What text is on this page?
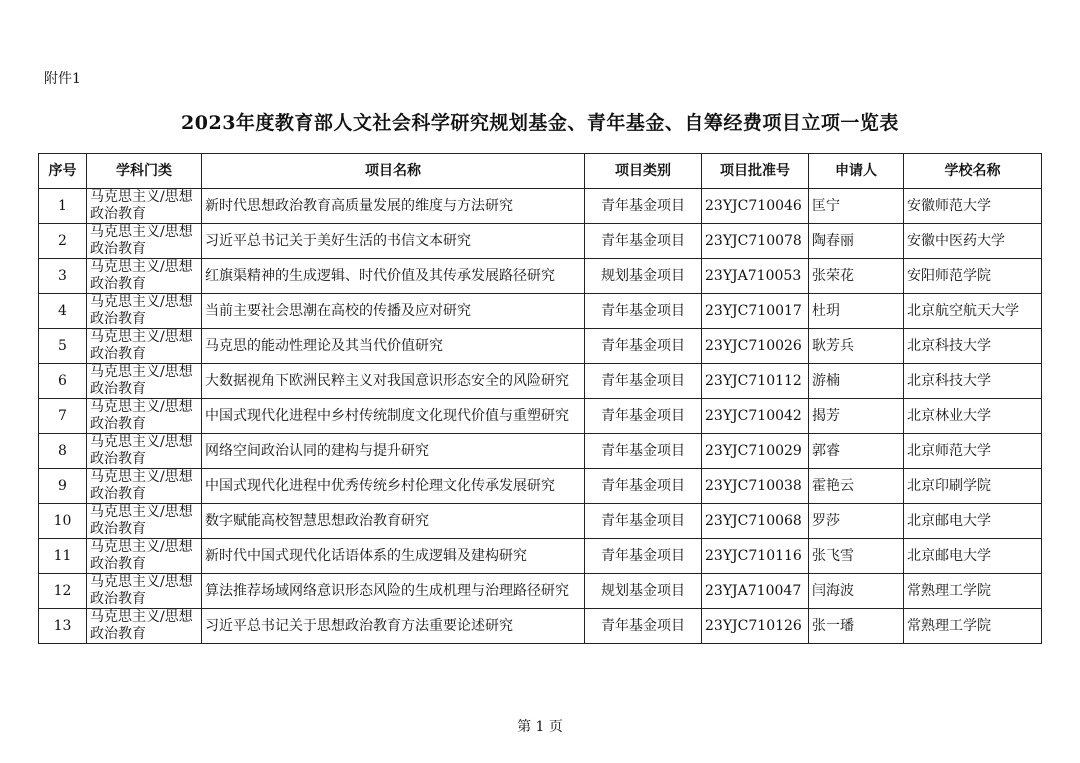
附件1
2023年度教育部人文社会科学研究规划基金、青年基金、自筹经费项目立项一览表
序号	学科门类	项目名称	项目类别	项目批准号	申请人	学校名称
1	马克思主义/思想政治教育	新时代思想政治教育高质量发展的维度与方法研究	青年基金项目	23YJC710046	匡宁	安徽师范大学
2	马克思主义/思想政治教育	习近平总书记关于美好生活的书信文本研究	青年基金项目	23YJC710078	陶春丽	安徽中医药大学
3	马克思主义/思想政治教育	红旗渠精神的生成逻辑、时代价值及其传承发展路径研究	规划基金项目	23YJA710053	张荣花	安阳师范学院
4	马克思主义/思想政治教育	当前主要社会思潮在高校的传播及应对研究	青年基金项目	23YJC710017	杜玥	北京航空航天大学
5	马克思主义/思想政治教育	马克思的能动性理论及其当代价值研究	青年基金项目	23YJC710026	耿芳兵	北京科技大学
6	马克思主义/思想政治教育	大数据视角下欧洲民粹主义对我国意识形态安全的风险研究	青年基金项目	23YJC710112	游楠	北京科技大学
7	马克思主义/思想政治教育	中国式现代化进程中乡村传统制度文化现代价值与重塑研究	青年基金项目	23YJC710042	揭芳	北京林业大学
8	马克思主义/思想政治教育	网络空间政治认同的建构与提升研究	青年基金项目	23YJC710029	郭睿	北京师范大学
9	马克思主义/思想政治教育	中国式现代化进程中优秀传统乡村伦理文化传承发展研究	青年基金项目	23YJC710038	霍艳云	北京印刷学院
10	马克思主义/思想政治教育	数字赋能高校智慧思想政治教育研究	青年基金项目	23YJC710068	罗莎	北京邮电大学
11	马克思主义/思想政治教育	新时代中国式现代化话语体系的生成逻辑及建构研究	青年基金项目	23YJC710116	张飞雪	北京邮电大学
12	马克思主义/思想政治教育	算法推荐场域网络意识形态风险的生成机理与治理路径研究	规划基金项目	23YJA710047	闫海波	常熟理工学院
13	马克思主义/思想政治教育	习近平总书记关于思想政治教育方法重要论述研究	青年基金项目	23YJC710126	张一璠	常熟理工学院
第 1 页
